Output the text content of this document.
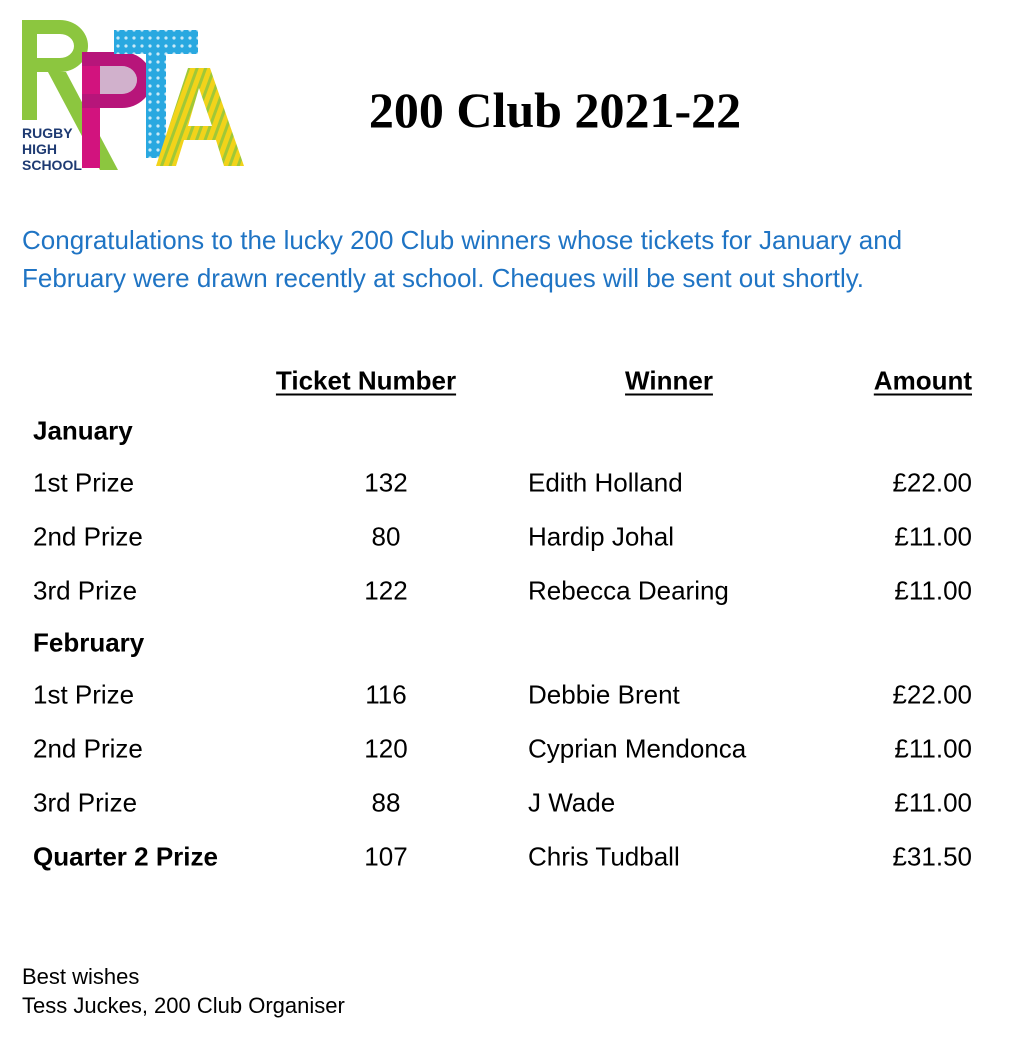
RUGBY
HIGH
SCHOOL
200 Club 2021-22

Congratulations to the lucky 200 Club winners whose tickets for January and February were drawn recently at school. Cheques will be sent out shortly.

Ticket Number	Winner	Amount
January
1st Prize	132	Edith Holland	£22.00
2nd Prize	80	Hardip Johal	£11.00
3rd Prize	122	Rebecca Dearing	£11.00
February
1st Prize	116	Debbie Brent	£22.00
2nd Prize	120	Cyprian Mendonca	£11.00
3rd Prize	88	J Wade	£11.00
Quarter 2 Prize	107	Chris Tudball	£31.50
Best wishes
Tess Juckes, 200 Club Organiser
